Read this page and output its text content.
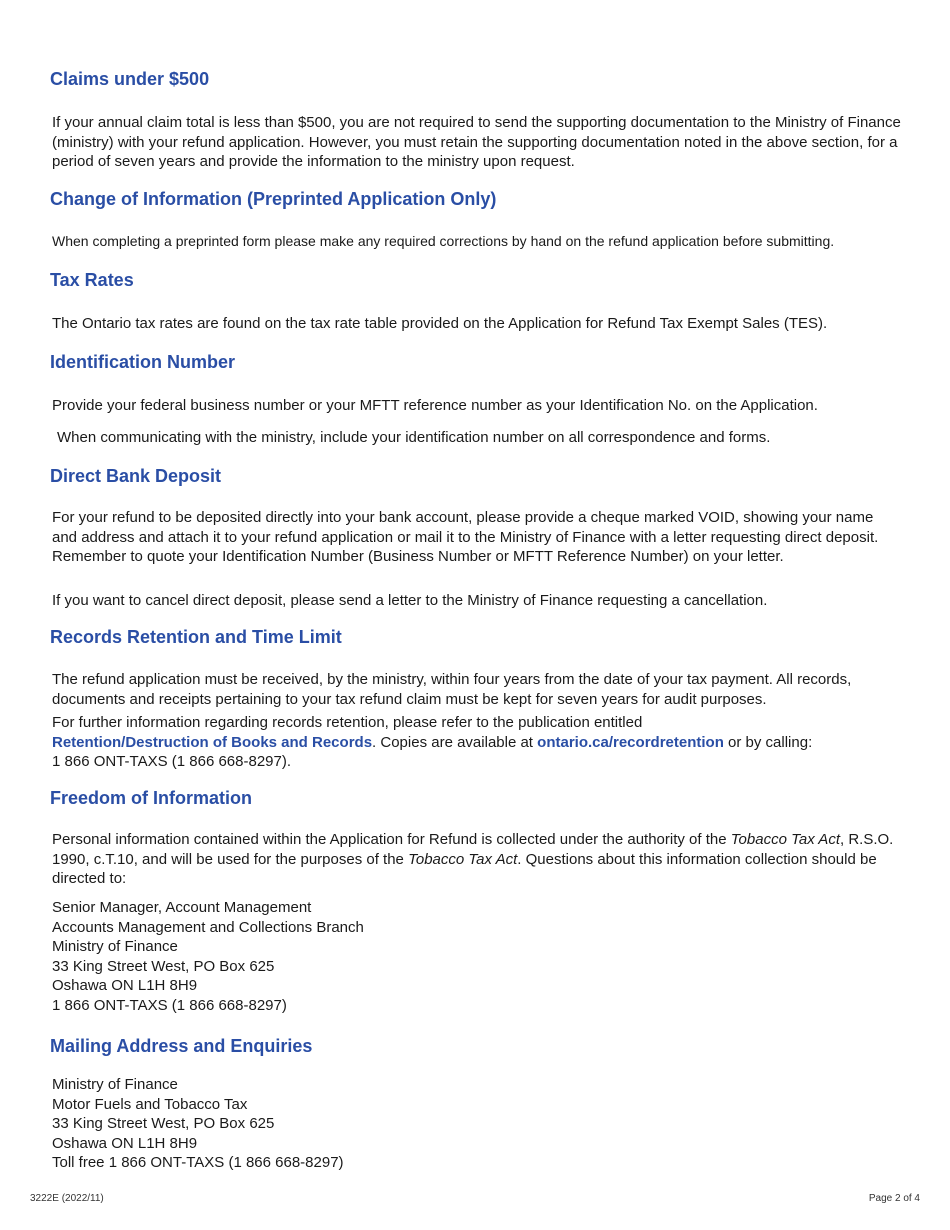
Claims under $500

If your annual claim total is less than $500, you are not required to send the supporting documentation to the Ministry of Finance (ministry) with your refund application. However, you must retain the supporting documentation noted in the above section, for a period of seven years and provide the information to the ministry upon request.

Change of Information (Preprinted Application Only)

When completing a preprinted form please make any required corrections by hand on the refund application before submitting.

Tax Rates

The Ontario tax rates are found on the tax rate table provided on the Application for Refund Tax Exempt Sales (TES).

Identification Number

Provide your federal business number or your MFTT reference number as your Identification No. on the Application.

When communicating with the ministry, include your identification number on all correspondence and forms.

Direct Bank Deposit

For your refund to be deposited directly into your bank account, please provide a cheque marked VOID, showing your name and address and attach it to your refund application or mail it to the Ministry of Finance with a letter requesting direct deposit. Remember to quote your Identification Number (Business Number or MFTT Reference Number) on your letter.

If you want to cancel direct deposit, please send a letter to the Ministry of Finance requesting a cancellation.

Records Retention and Time Limit

The refund application must be received, by the ministry, within four years from the date of your tax payment. All records, documents and receipts pertaining to your tax refund claim must be kept for seven years for audit purposes.

For further information regarding records retention, please refer to the publication entitled
Retention/Destruction of Books and Records. Copies are available at ontario.ca/recordretention or by calling:
1 866 ONT-TAXS (1 866 668-8297).
Freedom of Information

Personal information contained within the Application for Refund is collected under the authority of the Tobacco Tax Act, R.S.O. 1990, c.T.10, and will be used for the purposes of the Tobacco Tax Act. Questions about this information collection should be directed to:

Senior Manager, Account Management
Accounts Management and Collections Branch
Ministry of Finance
33 King Street West, PO Box 625
Oshawa ON L1H 8H9
1 866 ONT-TAXS (1 866 668-8297)
Mailing Address and Enquiries
Ministry of Finance
Motor Fuels and Tobacco Tax
33 King Street West, PO Box 625
Oshawa ON L1H 8H9
Toll free 1 866 ONT-TAXS (1 866 668-8297)
3222E (2022/11)	Page 2 of 4
